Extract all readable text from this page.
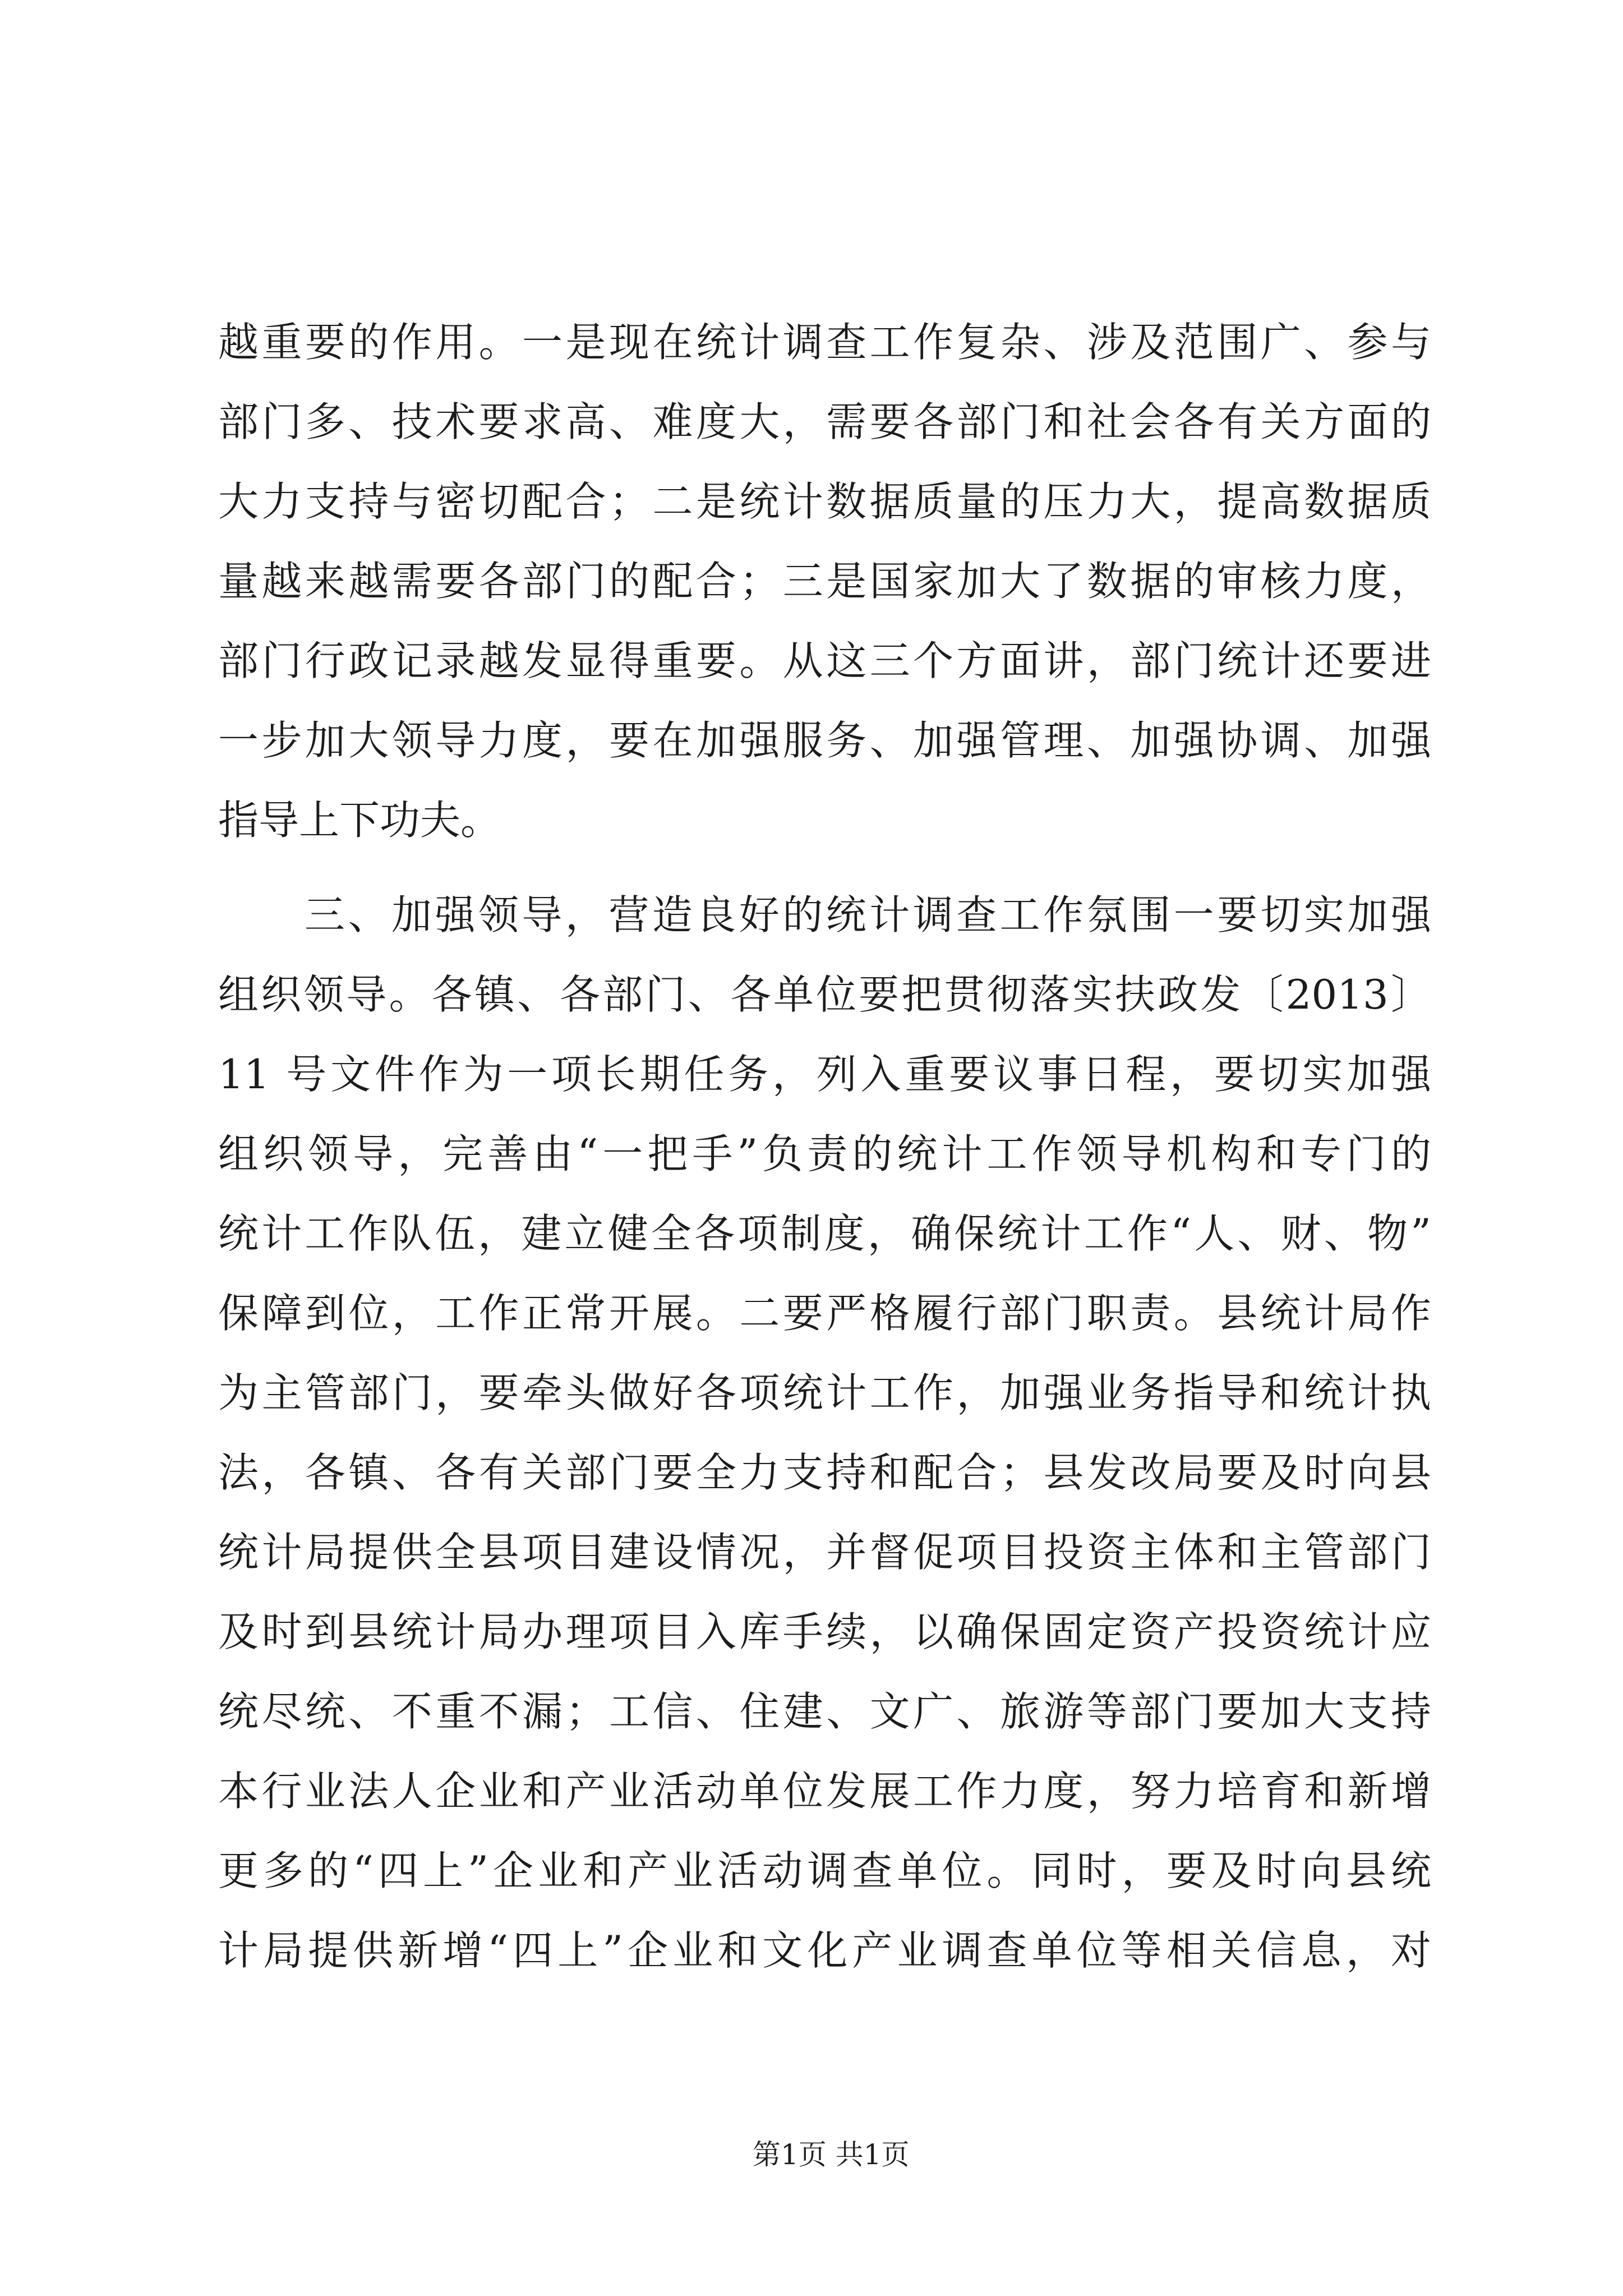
越重要的作用。一是现在统计调查工作复杂、涉及范围广、参与
部门多、技术要求高、难度大，需要各部门和社会各有关方面的
大力支持与密切配合；二是统计数据质量的压力大，提高数据质
量越来越需要各部门的配合；三是国家加大了数据的审核力度，
部门行政记录越发显得重要。从这三个方面讲，部门统计还要进
一步加大领导力度，要在加强服务、加强管理、加强协调、加强
指导上下功夫。
三、加强领导，营造良好的统计调查工作氛围一要切实加强
组织领导。各镇、各部门、各单位要把贯彻落实扶政发〔2013〕
11 号文件作为一项长期任务，列入重要议事日程，要切实加强
组织领导，完善由“一把手”负责的统计工作领导机构和专门的
统计工作队伍，建立健全各项制度，确保统计工作“人、财、物”
保障到位，工作正常开展。二要严格履行部门职责。县统计局作
为主管部门，要牵头做好各项统计工作，加强业务指导和统计执
法，各镇、各有关部门要全力支持和配合；县发改局要及时向县
统计局提供全县项目建设情况，并督促项目投资主体和主管部门
及时到县统计局办理项目入库手续，以确保固定资产投资统计应
统尽统、不重不漏；工信、住建、文广、旅游等部门要加大支持
本行业法人企业和产业活动单位发展工作力度，努力培育和新增
更多的“四上”企业和产业活动调查单位。同时，要及时向县统
计局提供新增“四上”企业和文化产业调查单位等相关信息，对
第1页 共1页
